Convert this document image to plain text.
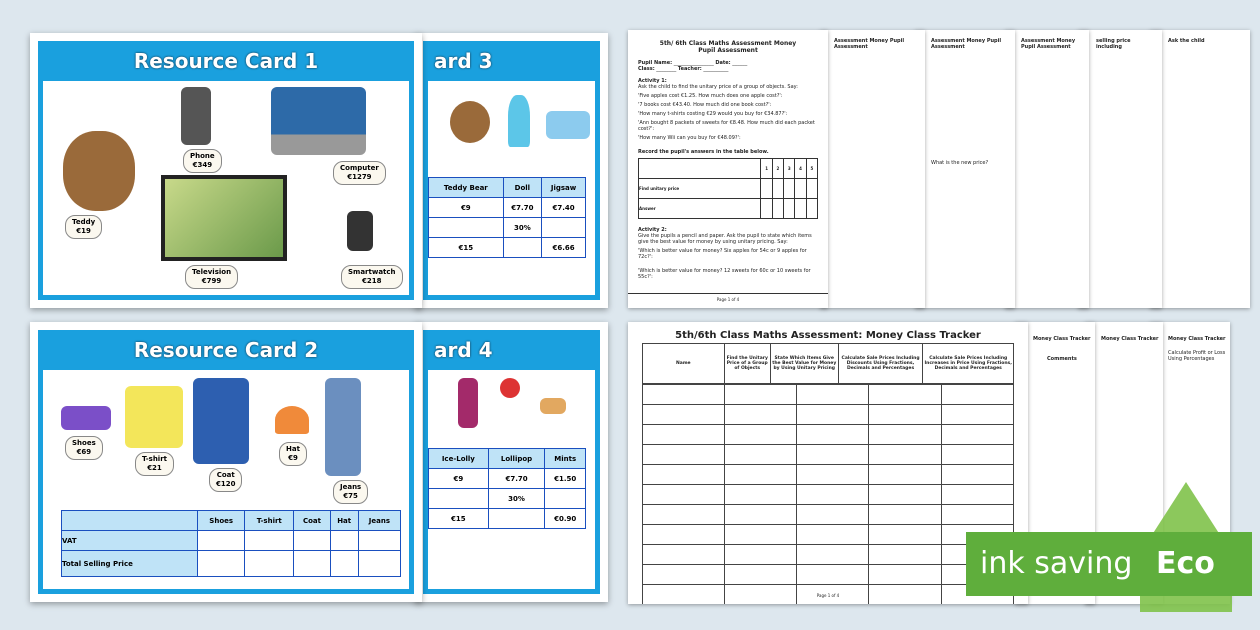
ard 3
Teddy Bear	Doll	Jigsaw
€9	€7.70	€7.40
	30%	
€15		€6.66
Resource Card 1
Phone
€349	Computer
€1279
Teddy
€19
Television
€799
Smartwatch
€218
ard 4
Ice-Lolly	Lollipop	Mints
€9	€7.70	€1.50
	30%	
€15		€0.90
Resource Card 2
Shoes
€69
T-shirt
€21
Coat
€120
Hat
€9
Jeans
€75
	Shoes	T-shirt	Coat	Hat	Jeans
VAT					
Total Selling Price					
Ask the child
selling price including
Assessment Money Pupil Assessment
Assessment Money Pupil Assessment
What is the new price?
Assessment Money Pupil Assessment
5th/ 6th Class Maths Assessment Money
Pupil Assessment
Pupil Name: ________________ Date: ______
Class: ________ Teacher: __________
Activity 1:
Ask the child to find the unitary price of a group of objects. Say:
'Five apples cost €1.25. How much does one apple cost?':
'7 books cost €43.40. How much did one book cost?':
'How many t-shirts costing €29 would you buy for €34.87?':
'Ann bought 8 packets of sweets for €8.48. How much did each packet cost?':
'How many Wii can you buy for €48.09?':
Record the pupil's answers in the table below.
	1	2	3	4	5
Find unitary price					
Answer					
Activity 2:
Give the pupils a pencil and paper. Ask the pupil to state which items give the best value for money by using unitary pricing. Say:
'Which is better value for money? Six apples for 54c or 9 apples for 72c?':
'Which is better value for money? 12 sweets for 60c or 10 sweets for 55c?':
Page 1 of 4
Money Class Tracker
Calculate Profit or Loss Using Percentages
Money Class Tracker
Money Class Tracker
Comments
5th/6th Class Maths Assessment: Money Class Tracker
Name	Find the Unitary Price of a Group of Objects	State Which Items Give the Best Value for Money by Using Unitary Pricing	Calculate Sale Prices Including Discounts Using Fractions, Decimals and Percentages	Calculate Sale Prices Including Increases in Price Using Fractions, Decimals and Percentages

Page 1 of 4
ink saving Eco
